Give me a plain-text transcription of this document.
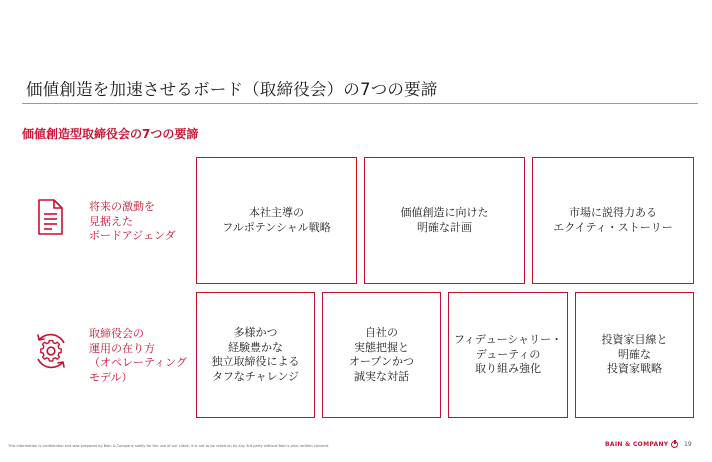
価値創造を加速させるボード（取締役会）の7つの要諦
価値創造型取締役会の7つの要諦
将来の激動を
見据えた
ボードアジェンダ
本社主導の
フルポテンシャル戦略
価値創造に向けた
明確な計画
市場に説得力ある
エクイティ・ストーリー
取締役会の
運用の在り方
（オペレーティング
モデル）
多様かつ
経験豊かな
独立取締役による
タフなチャレンジ
自社の
実態把握と
オープンかつ
誠実な対話
フィデューシャリー・
デューティの
取り組み強化
投資家目線と
明確な
投資家戦略
This information is confidential and was prepared by Bain & Company solely for the use of our client; it is not to be relied on by any 3rd party without Bain's prior written consent.	BAIN & COMPANY	19
